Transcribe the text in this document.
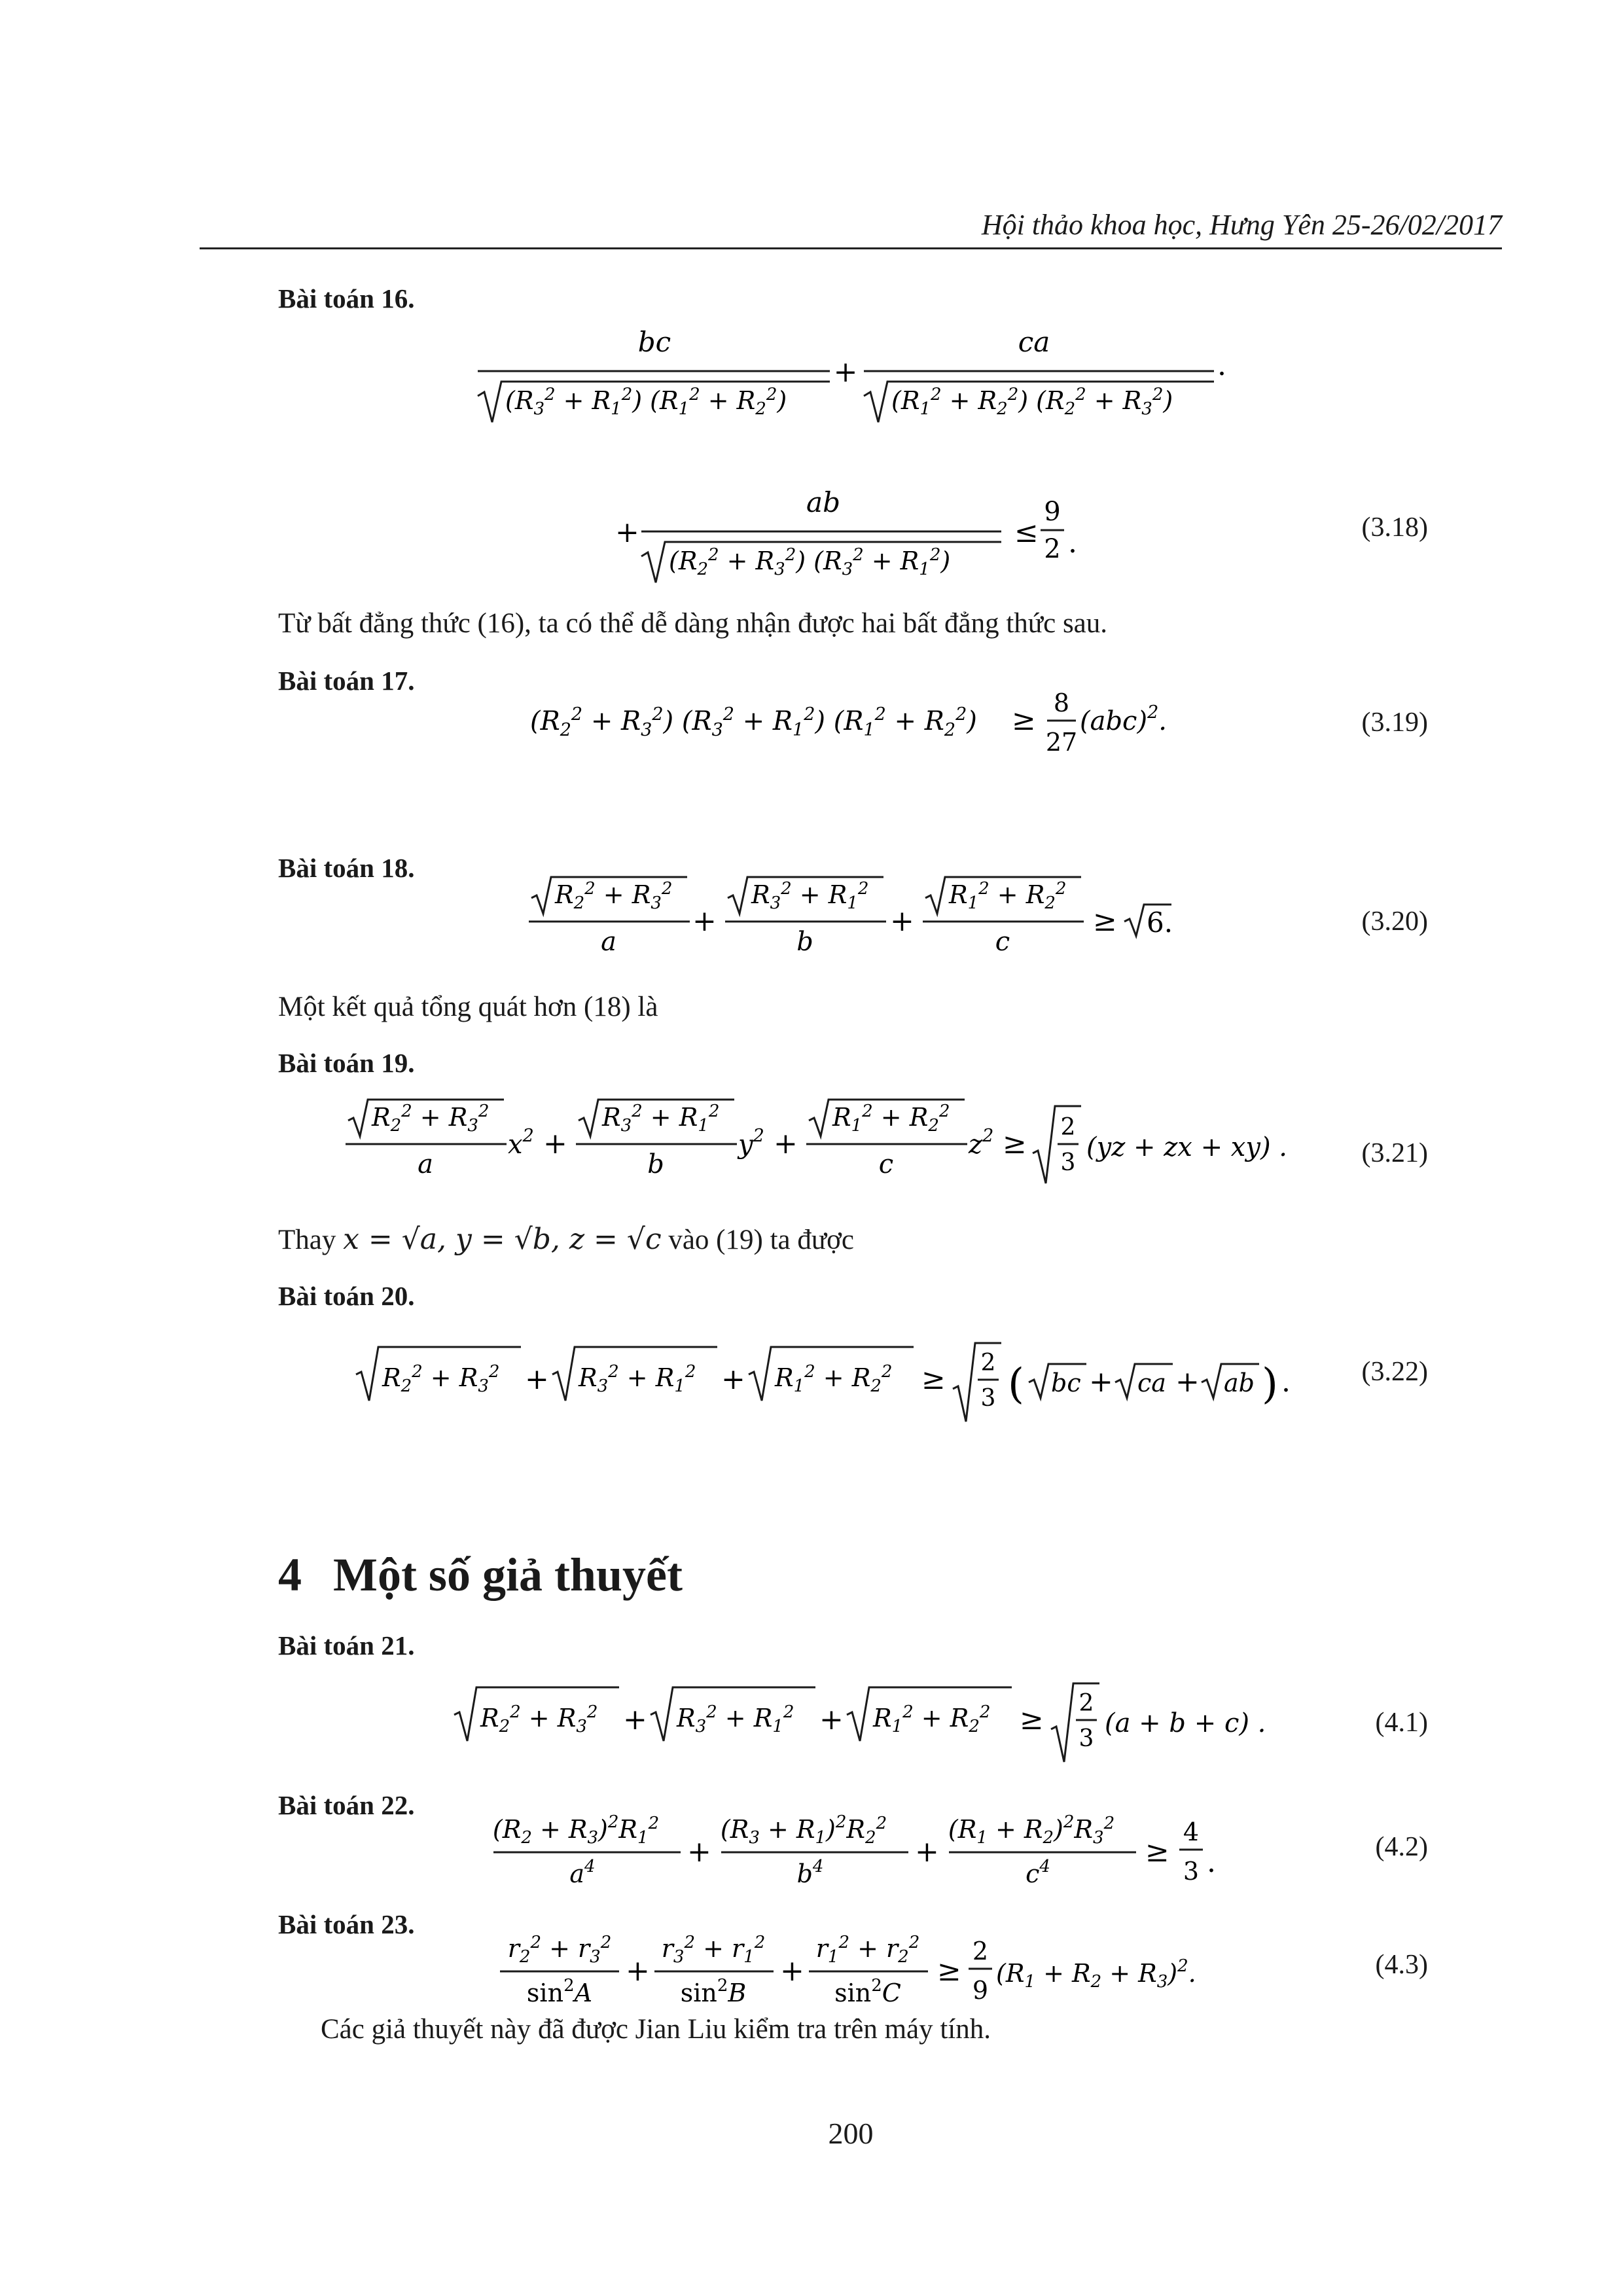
Hội thảo khoa học, Hưng Yên 25-26/02/2017
Bài toán 16.
bc
$(R_3^2 + R_1^2) (R_1^2 + R_2^2)$
+
ca
$(R_1^2 + R_2^2) (R_2^2 + R_3^2)$
.
+
ab
$(R_2^2 + R_3^2) (R_3^2 + R_1^2)$
≤
9
2 .	(3.18)
Từ bất đẳng thức (16), ta có thể dễ dàng nhận được hai bất đẳng thức sau.
Bài toán 17.
$(R_2^2 + R_3^2) (R_3^2 + R_1^2) (R_1^2 + R_2^2)$ ≥
8
27
(abc)$^2$.	(3.19)
Bài toán 18.
$R_2^2 + R_3^2$
a
+
$R_3^2 + R_1^2$
b
+
$R_1^2 + R_2^2$
c
≥ 6.	(3.20)
Một kết quả tổng quát hơn (18) là
Bài toán 19.
$R_2^2 + R_3^2$
a
$x^2$ +
$R_3^2 + R_1^2$
b
$y^2$ +
$R_1^2 + R_2^2$
c
$z^2 \ge 2$
3
(yz + zx + xy) .	(3.21)
Thay x = √a, y = √b, z = √c vào (19) ta được
Bài toán 20.
$R_2^2 + R_3^2 + R_3^2 + R_1^2 + R_1^2 + R_2^2 \ge 2$
3 ( bc + ca + ab ) .	(3.22)
4 Một số giả thuyết
Bài toán 21.
$R_2^2 + R_3^2 + R_3^2 + R_1^2 + R_1^2 + R_2^2 \ge 2$
3
(a + b + c) .	(4.1)
Bài toán 22.
$(R_2 + R_3)^2R_1^2$
$a^4$	+
$(R_3 + R_1)^2R_2^2$
$b^4$	+
$(R_1 + R_2)^2R_3^2$
$c^4$	≥
4
3 .	(4.2)
Bài toán 23.
$r_2^2 + r_3^2$
$\sin^2A$
+
$r_3^2 + r_1^2$
$\sin^2B$
+
$r_1^2 + r_2^2$
$\sin^2C$
≥
2
9
$(R_1 + R_2 + R_3)^2$.	(4.3)
Các giả thuyết này đã được Jian Liu kiểm tra trên máy tính.
200
